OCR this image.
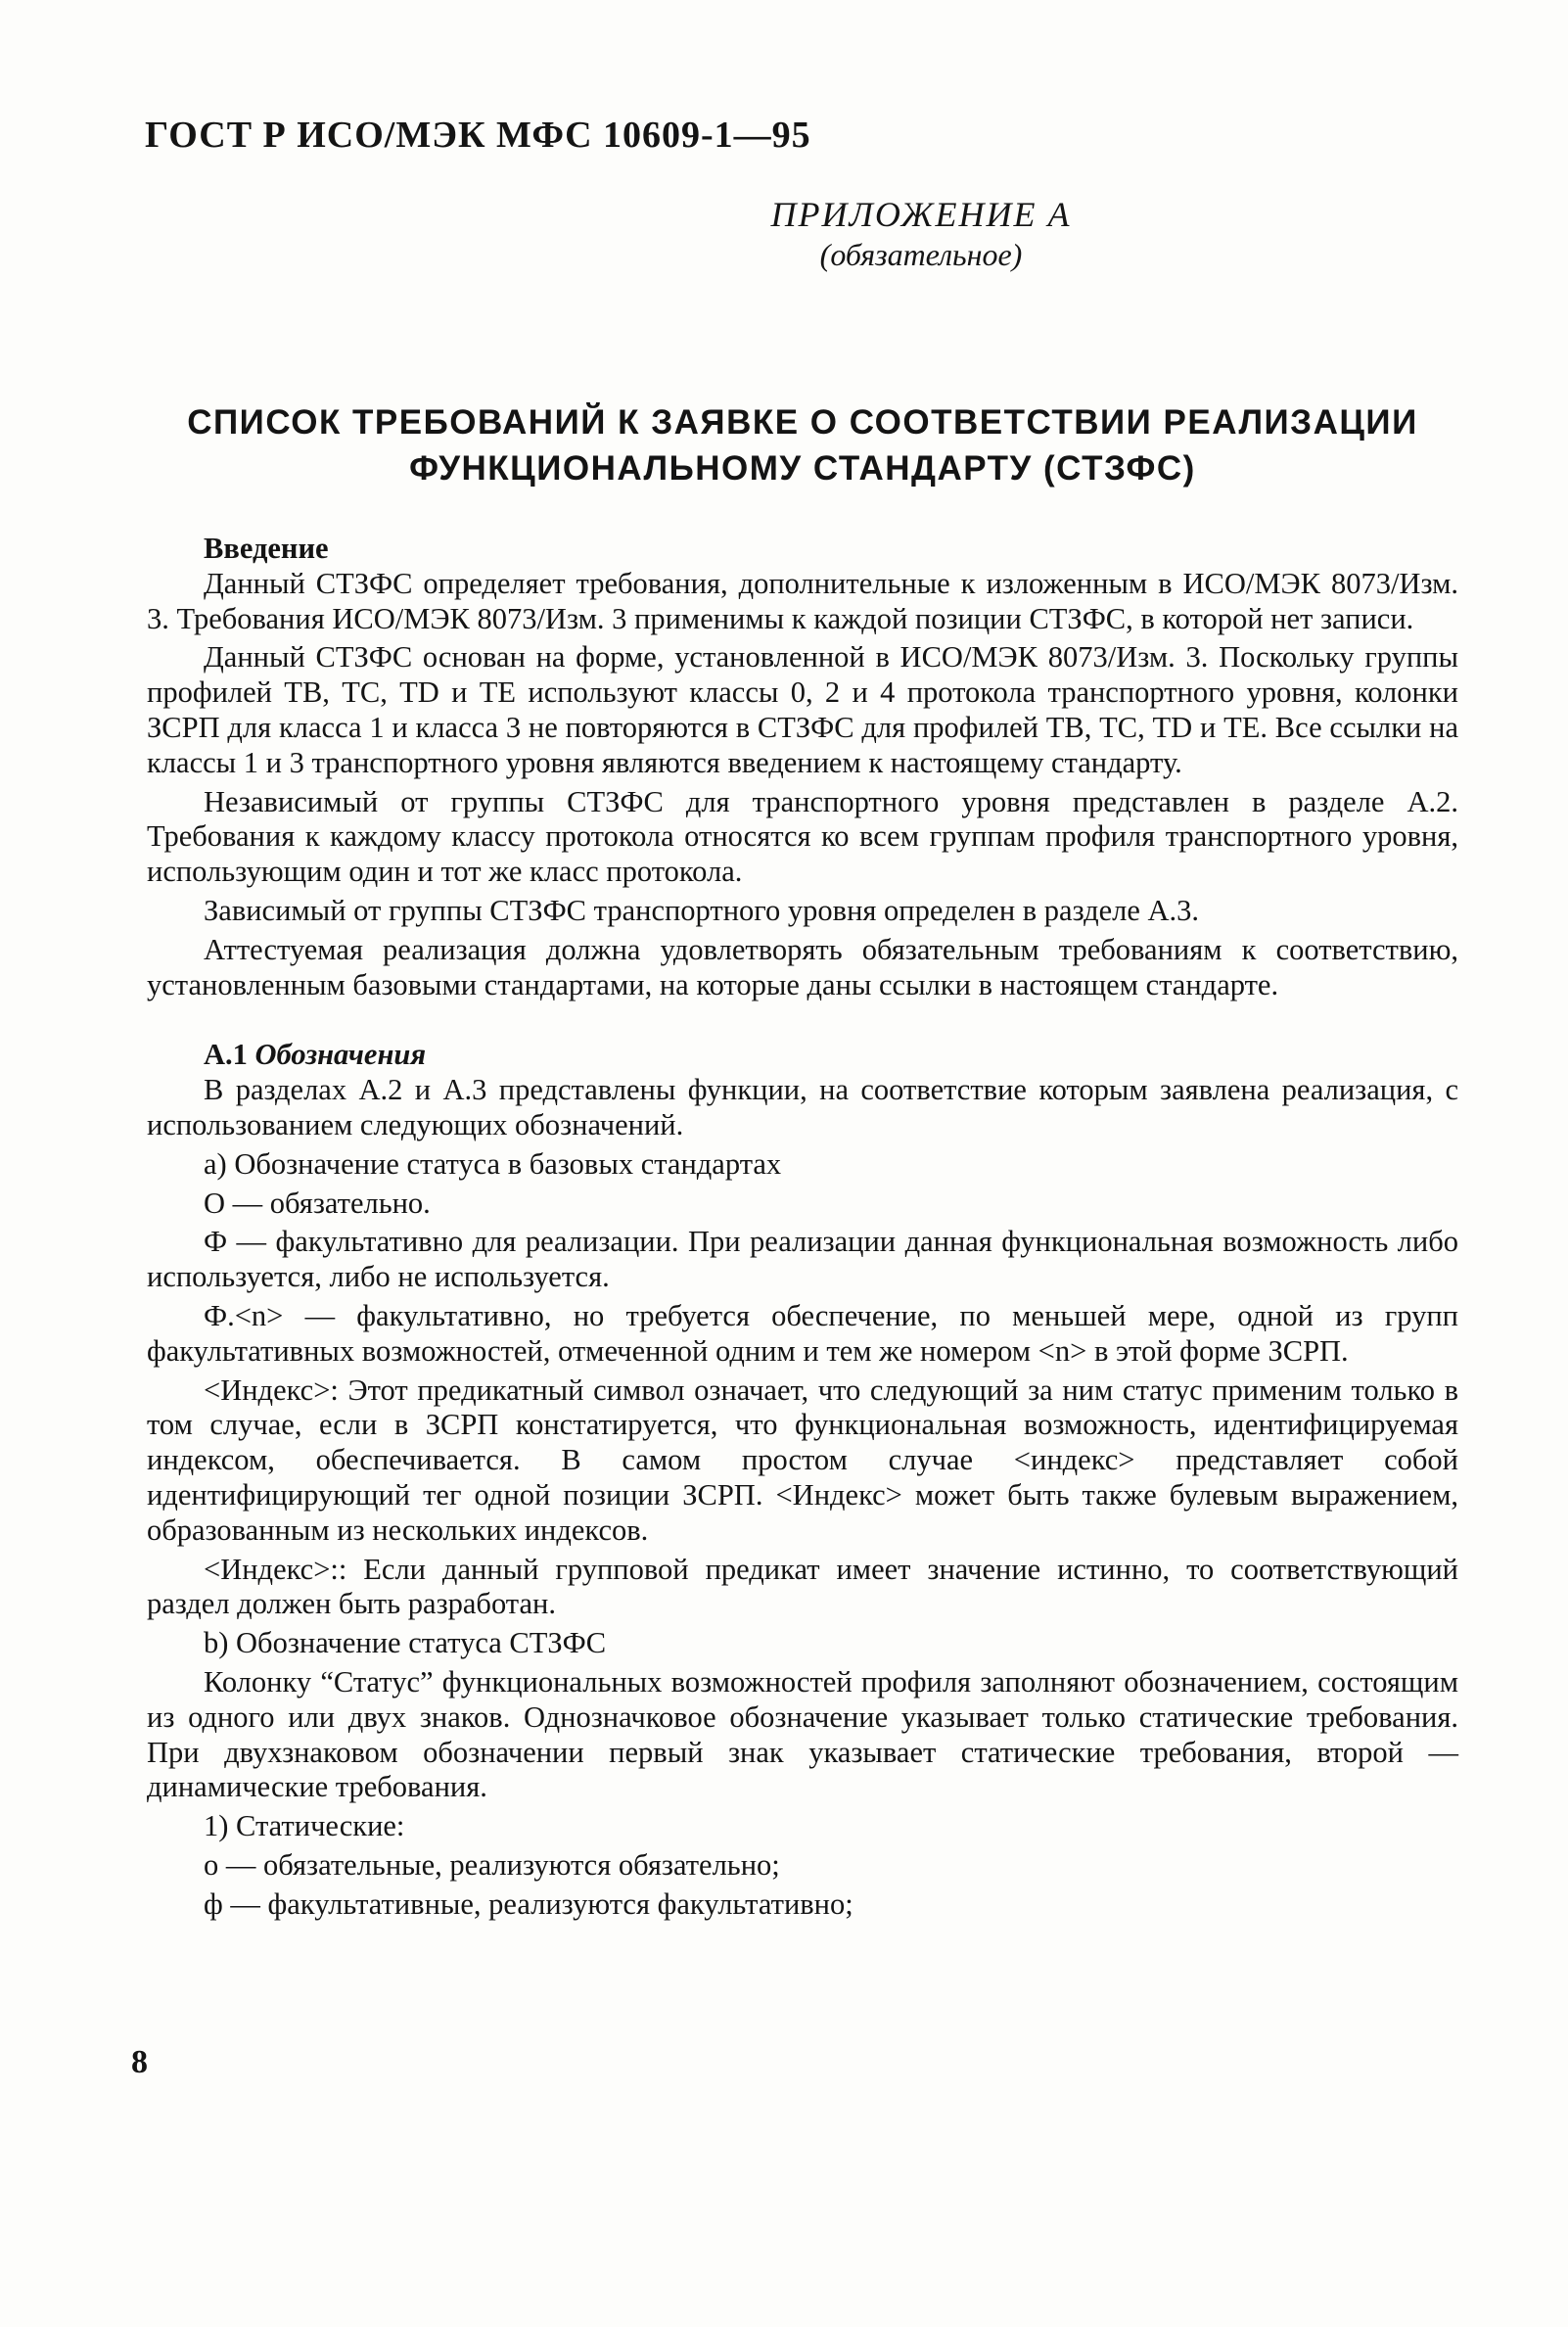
ГОСТ Р ИСО/МЭК МФС 10609-1—95
ПРИЛОЖЕНИЕ А
(обязательное)
СПИСОК ТРЕБОВАНИЙ К ЗАЯВКЕ О СООТВЕТСТВИИ РЕАЛИЗАЦИИ
ФУНКЦИОНАЛЬНОМУ СТАНДАРТУ (СТЗФС)

Введение

Данный СТЗФС определяет требования, дополнительные к изложенным в ИСО/МЭК 8073/Изм. 3. Требования ИСО/МЭК 8073/Изм. 3 применимы к каждой позиции СТЗФС, в которой нет записи.

Данный СТЗФС основан на форме, установленной в ИСО/МЭК 8073/Изм. 3. Поскольку группы профилей ТВ, ТС, TD и ТЕ используют классы 0, 2 и 4 протокола транспортного уровня, колонки ЗСРП для класса 1 и класса 3 не повторяются в СТЗФС для профилей ТВ, ТС, TD и ТЕ. Все ссылки на классы 1 и 3 транспортного уровня являются введением к настоящему стандарту.

Независимый от группы СТЗФС для транспортного уровня представлен в разделе А.2. Требования к каждому классу протокола относятся ко всем группам профиля транспортного уровня, использующим один и тот же класс протокола.

Зависимый от группы СТЗФС транспортного уровня определен в разделе А.3.

Аттестуемая реализация должна удовлетворять обязательным требованиям к соответствию, установленным базовыми стандартами, на которые даны ссылки в настоящем стандарте.

А.1 Обозначения

В разделах А.2 и А.3 представлены функции, на соответствие которым заявлена реализация, с использованием следующих обозначений.

а) Обозначение статуса в базовых стандартах

О — обязательно.

Ф — факультативно для реализации. При реализации данная функциональная возможность либо используется, либо не используется.

Ф.<n> — факультативно, но требуется обеспечение, по меньшей мере, одной из групп факультативных возможностей, отмеченной одним и тем же номером <n> в этой форме ЗСРП.

<Индекс>: Этот предикатный символ означает, что следующий за ним статус применим только в том случае, если в ЗСРП констатируется, что функциональная возможность, идентифицируемая индексом, обеспечивается. В самом простом случае <индекс> представляет собой идентифицирующий тег одной позиции ЗСРП. <Индекс> может быть также булевым выражением, образованным из нескольких индексов.

<Индекс>:: Если данный групповой предикат имеет значение истинно, то соответствующий раздел должен быть разработан.

b) Обозначение статуса СТЗФС

Колонку “Статус” функциональных возможностей профиля заполняют обозначением, состоящим из одного или двух знаков. Однозначковое обозначение указывает только статические требования. При двухзнаковом обозначении первый знак указывает статические требования, второй — динамические требования.

1) Статические:

о — обязательные, реализуются обязательно;

ф — факультативные, реализуются факультативно;

8
